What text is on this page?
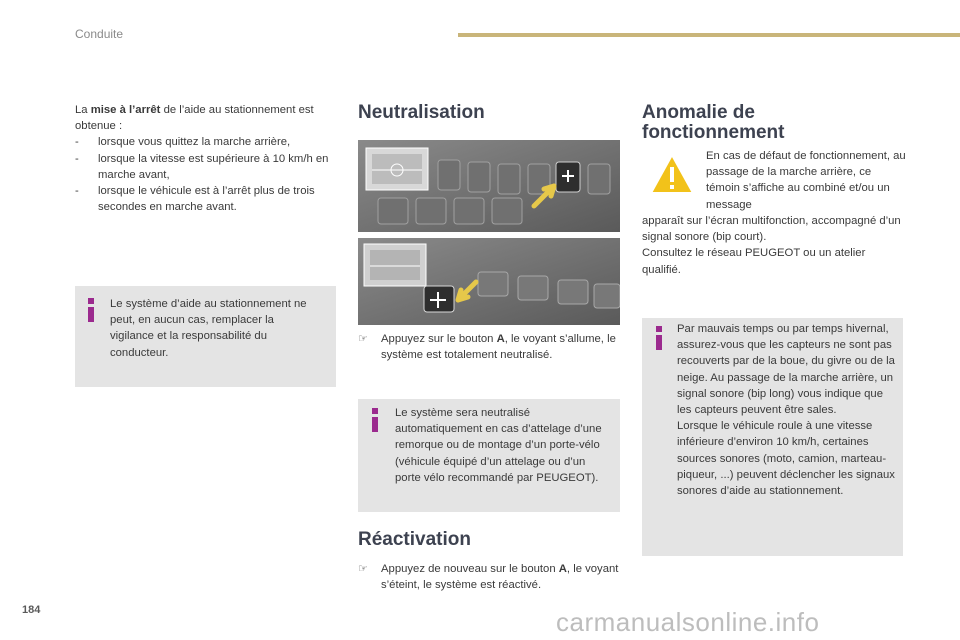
Conduite
La mise à l’arrêt de l’aide au stationnement est obtenue :
- lorsque vous quittez la marche arrière,
- lorsque la vitesse est supérieure à 10 km/h en marche avant,
- lorsque le véhicule est à l’arrêt plus de trois secondes en marche avant.
Le système d’aide au stationnement ne peut, en aucun cas, remplacer la vigilance et la responsabilité du conducteur.
Neutralisation
☞ Appuyez sur le bouton A, le voyant s’allume, le système est totalement neutralisé.
Le système sera neutralisé automatiquement en cas d’attelage d’une remorque ou de montage d’un porte-vélo (véhicule équipé d’un attelage ou d’un porte vélo recommandé par PEUGEOT).
Réactivation
☞ Appuyez de nouveau sur le bouton A, le voyant s’éteint, le système est réactivé.
Anomalie de
fonctionnement
En cas de défaut de fonctionnement, au passage de la marche arrière, ce témoin s’affiche au combiné et/ou un message
apparaît sur l’écran multifonction, accompagné d’un signal sonore (bip court).
Consultez le réseau PEUGEOT ou un atelier qualifié.
Par mauvais temps ou par temps hivernal, assurez-vous que les capteurs ne sont pas recouverts par de la boue, du givre ou de la neige. Au passage de la marche arrière, un signal sonore (bip long) vous indique que les capteurs peuvent être sales.
Lorsque le véhicule roule à une vitesse inférieure d’environ 10 km/h, certaines sources sonores (moto, camion, marteau-piqueur, ...) peuvent déclencher les signaux sonores d’aide au stationnement.
184	carmanualsonline.info
